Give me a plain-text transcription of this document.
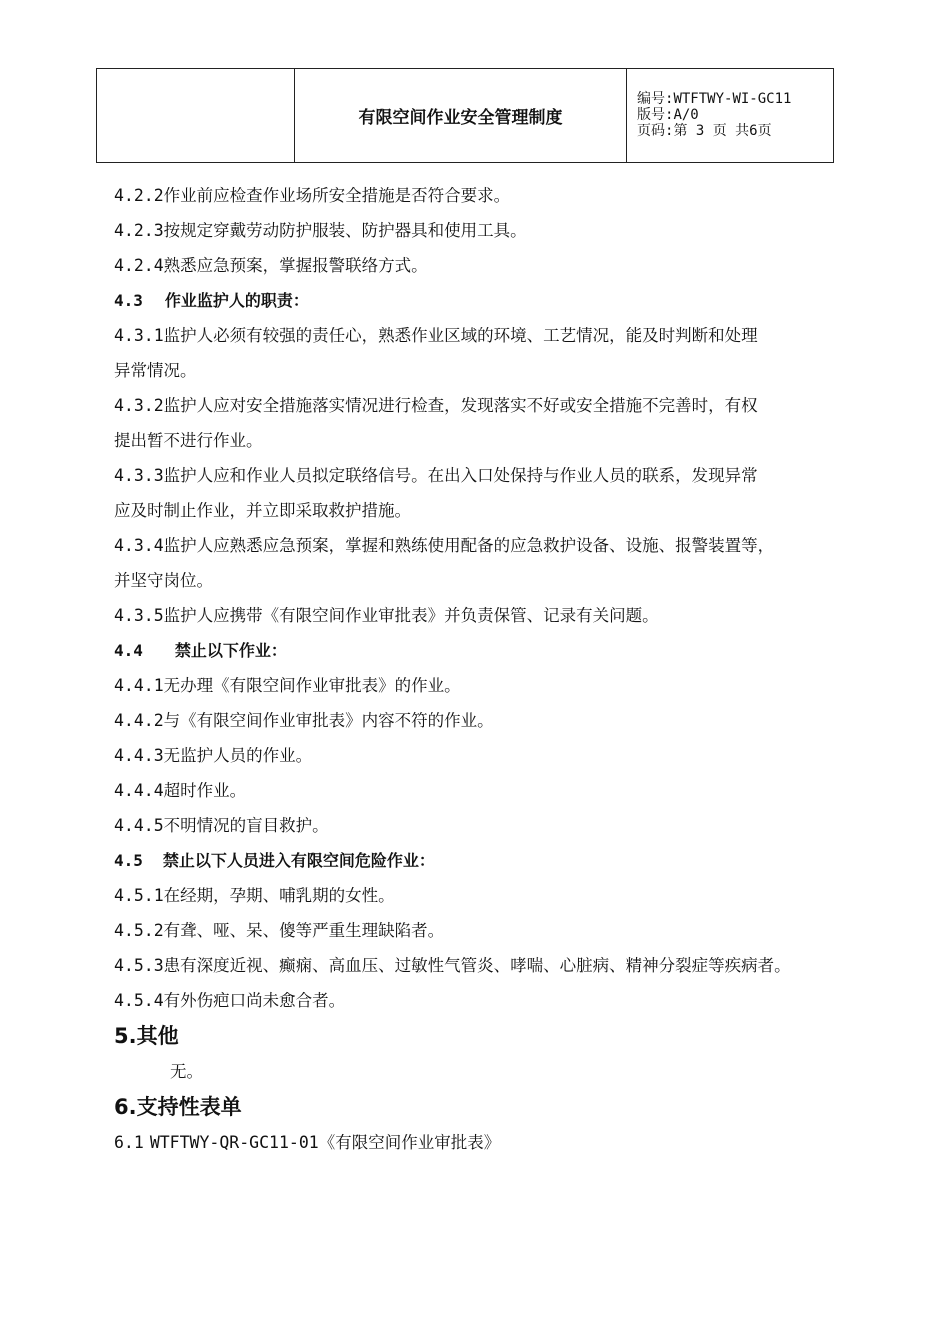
有限空间作业安全管理制度
编号: WTFTWY-WI-GC11
版号: A/0
页码: 第 3 页 共6页
4.2.2作业前应检查作业场所安全措施是否符合要求。
4.2.3按规定穿戴劳动防护服装、防护器具和使用工具。
4.2.4熟悉应急预案，掌握报警联络方式。
4.3 作业监护人的职责：
4.3.1监护人必须有较强的责任心，熟悉作业区域的环境、工艺情况，能及时判断和处理
异常情况。
4.3.2监护人应对安全措施落实情况进行检查，发现落实不好或安全措施不完善时，有权
提出暂不进行作业。
4.3.3监护人应和作业人员拟定联络信号。在出入口处保持与作业人员的联系，发现异常
应及时制止作业，并立即采取救护措施。
4.3.4监护人应熟悉应急预案，掌握和熟练使用配备的应急救护设备、设施、报警装置等，
并坚守岗位。
4.3.5监护人应携带《有限空间作业审批表》并负责保管、记录有关问题。
4.4 禁止以下作业：
4.4.1无办理《有限空间作业审批表》的作业。
4.4.2与《有限空间作业审批表》内容不符的作业。
4.4.3无监护人员的作业。
4.4.4超时作业。
4.4.5不明情况的盲目救护。
4.5 禁止以下人员进入有限空间危险作业：
4.5.1在经期，孕期、哺乳期的女性。
4.5.2有聋、哑、呆、傻等严重生理缺陷者。
4.5.3患有深度近视、癫痫、高血压、过敏性气管炎、哮喘、心脏病、精神分裂症等疾病者。
4.5.4有外伤疤口尚未愈合者。
5.其他
无。
6.支持性表单
6.1 WTFTWY-QR-GC11-01《有限空间作业审批表》
